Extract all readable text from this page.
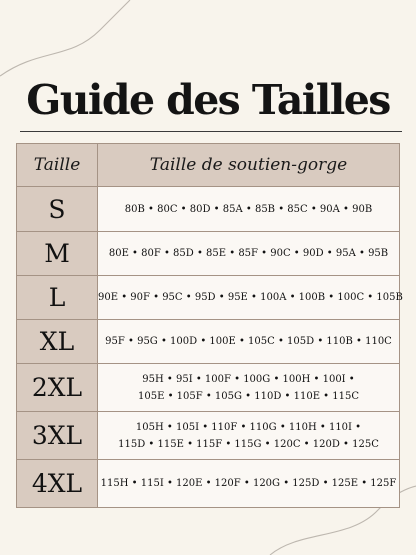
Guide des Tailles
Taille	Taille de soutien-gorge
S	80B • 80C • 80D • 85A • 85B • 85C • 90A • 90B

M	80E • 80F • 85D • 85E • 85F • 90C • 90D • 95A • 95B

L	90E • 90F • 95C • 95D • 95E • 100A • 100B • 100C • 105B

XL	95F • 95G • 100D • 100E • 105C • 105D • 110B • 110C

2XL	95H • 95I • 100F • 100G • 100H • 100I •
105E • 105F • 105G • 110D • 110E • 115C

3XL	105H • 105I • 110F • 110G • 110H • 110I •
115D • 115E • 115F • 115G • 120C • 120D • 125C

4XL	115H • 115I • 120E • 120F • 120G • 125D • 125E • 125F
